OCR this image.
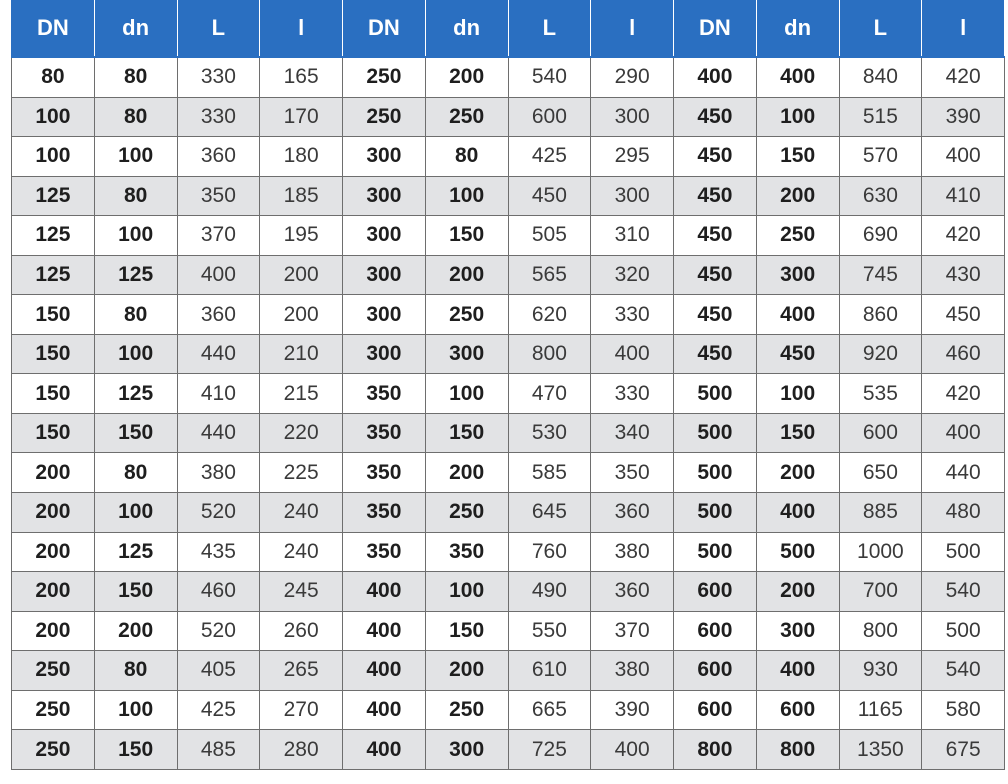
DN	dn	L	l	DN	dn	L	l	DN	dn	L	l
80	80	330	165	250	200	540	290	400	400	840	420
100	80	330	170	250	250	600	300	450	100	515	390
100	100	360	180	300	80	425	295	450	150	570	400
125	80	350	185	300	100	450	300	450	200	630	410
125	100	370	195	300	150	505	310	450	250	690	420
125	125	400	200	300	200	565	320	450	300	745	430
150	80	360	200	300	250	620	330	450	400	860	450
150	100	440	210	300	300	800	400	450	450	920	460
150	125	410	215	350	100	470	330	500	100	535	420
150	150	440	220	350	150	530	340	500	150	600	400
200	80	380	225	350	200	585	350	500	200	650	440
200	100	520	240	350	250	645	360	500	400	885	480
200	125	435	240	350	350	760	380	500	500	1000	500
200	150	460	245	400	100	490	360	600	200	700	540
200	200	520	260	400	150	550	370	600	300	800	500
250	80	405	265	400	200	610	380	600	400	930	540
250	100	425	270	400	250	665	390	600	600	1165	580
250	150	485	280	400	300	725	400	800	800	1350	675
